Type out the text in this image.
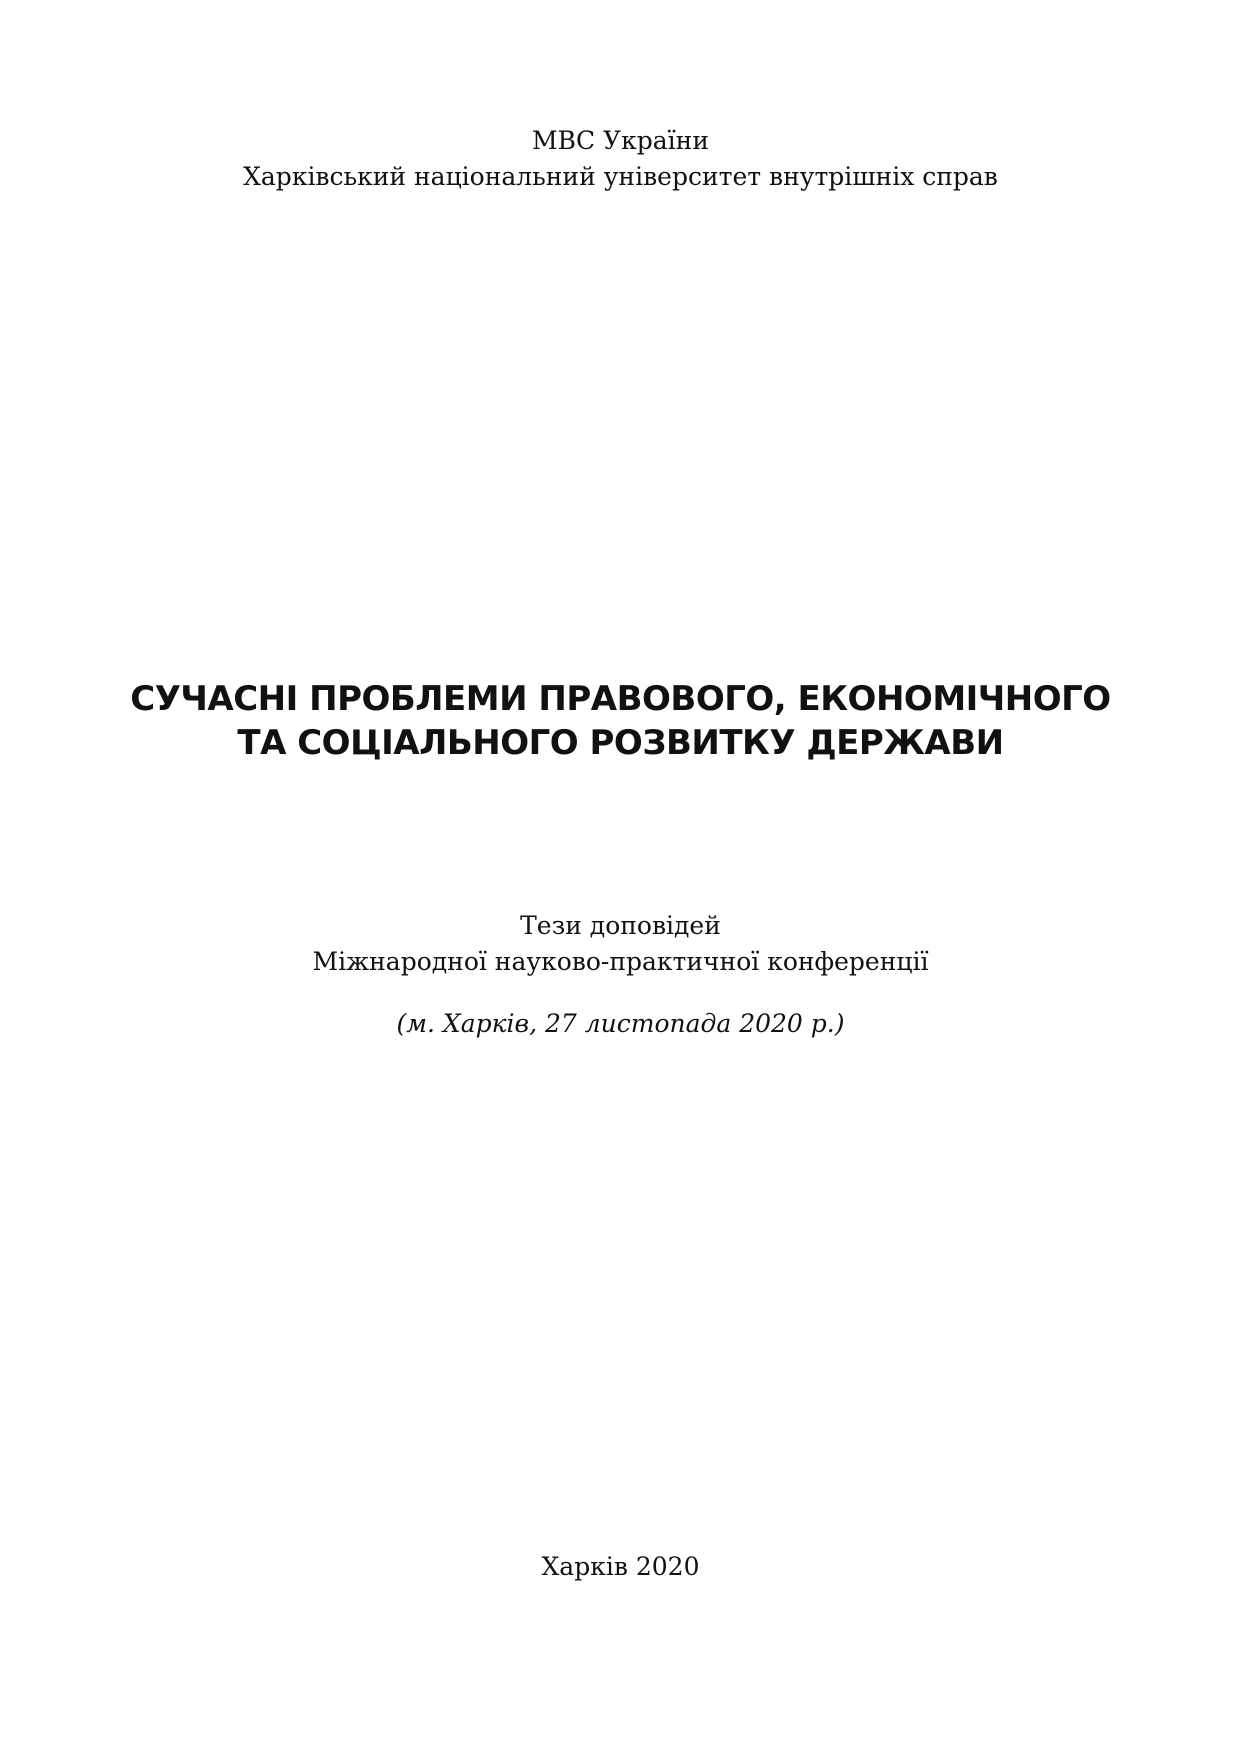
МВС України
Харківський національний університет внутрішніх справ
СУЧАСНІ ПРОБЛЕМИ ПРАВОВОГО, ЕКОНОМІЧНОГО
ТА СОЦІАЛЬНОГО РОЗВИТКУ ДЕРЖАВИ
Тези доповідей
Міжнародної науково-практичної конференції
(м. Харків, 27 листопада 2020 р.)
Харків 2020
